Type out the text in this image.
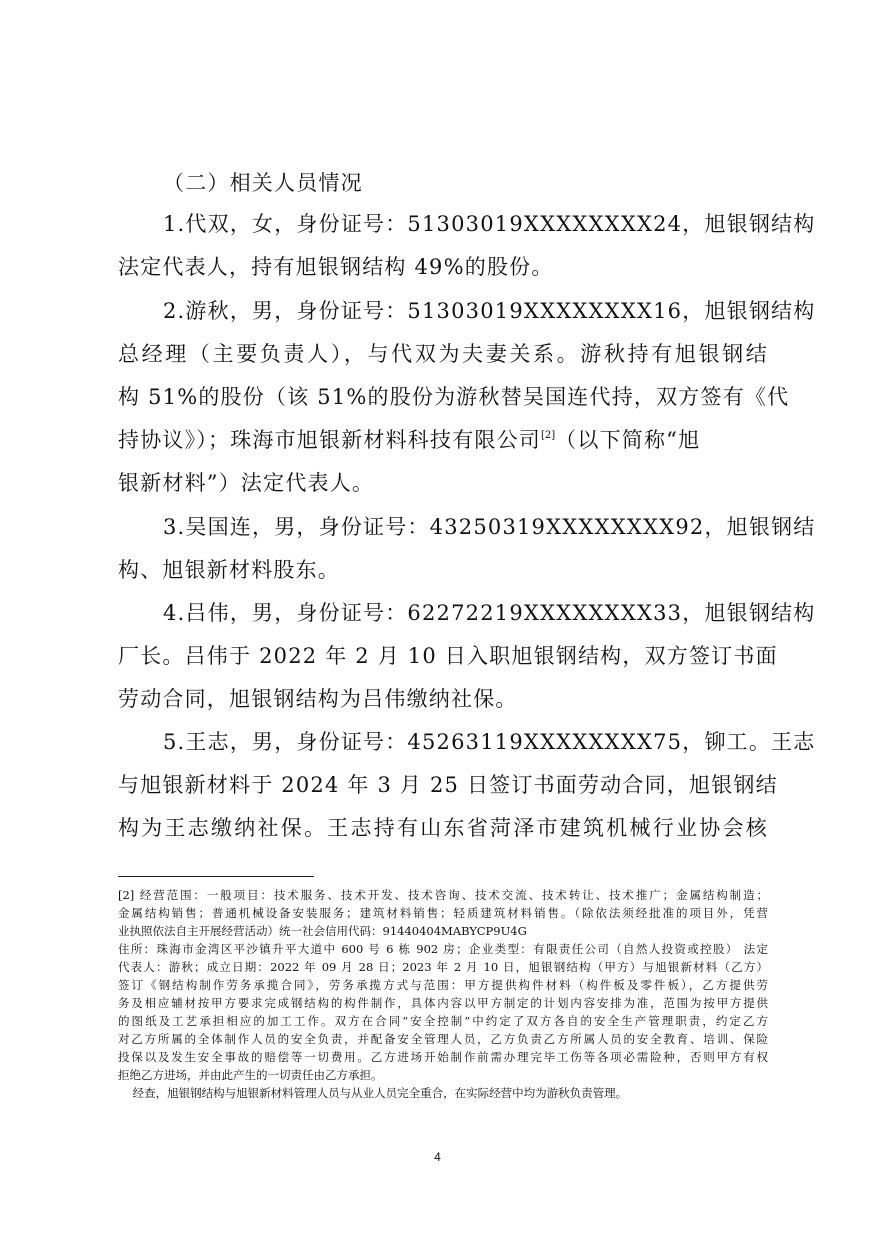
（二）相关人员情况
1.代双，女，身份证号：51303019XXXXXXXX24，旭银钢结构
法定代表人，持有旭银钢结构 49%的股份。
2.游秋，男，身份证号：51303019XXXXXXXX16，旭银钢结构
总经理（主要负责人），与代双为夫妻关系。游秋持有旭银钢结
构 51%的股份（该 51%的股份为游秋替吴国连代持，双方签有《代
持协议》）；珠海市旭银新材料科技有限公司[2]（以下简称“旭
银新材料”）法定代表人。
3.吴国连，男，身份证号：43250319XXXXXXXX92，旭银钢结
构、旭银新材料股东。
4.吕伟，男，身份证号：62272219XXXXXXXX33，旭银钢结构
厂长。吕伟于 2022 年 2 月 10 日入职旭银钢结构，双方签订书面
劳动合同，旭银钢结构为吕伟缴纳社保。
5.王志，男，身份证号：45263119XXXXXXXX75，铆工。王志
与旭银新材料于 2024 年 3 月 25 日签订书面劳动合同，旭银钢结
构为王志缴纳社保。王志持有山东省菏泽市建筑机械行业协会核
[2] 经营范围：一般项目：技术服务、技术开发、技术咨询、技术交流、技术转让、技术推广；金属结构制造；
金属结构销售；普通机械设备安装服务；建筑材料销售；轻质建筑材料销售。（除依法须经批准的项目外，凭营
业执照依法自主开展经营活动）统一社会信用代码：91440404MABYCP9U4G
住所：珠海市金湾区平沙镇升平大道中 600 号 6 栋 902 房；企业类型：有限责任公司（自然人投资或控股） 法定
代表人：游秋；成立日期：2022 年 09 月 28 日；2023 年 2 月 10 日，旭银钢结构（甲方）与旭银新材料（乙方）
签订《钢结构制作劳务承揽合同》，劳务承揽方式与范围：甲方提供构件材料（构件板及零件板），乙方提供劳
务及相应辅材按甲方要求完成钢结构的构件制作，具体内容以甲方制定的计划内容安排为准，范围为按甲方提供
的图纸及工艺承担相应的加工工作。双方在合同“安全控制”中约定了双方各自的安全生产管理职责，约定乙方
对乙方所属的全体制作人员的安全负责，并配备安全管理人员，乙方负责乙方所属人员的安全教育、培训、保险
投保以及发生安全事故的赔偿等一切费用。乙方进场开始制作前需办理完毕工伤等各项必需险种，否则甲方有权
拒绝乙方进场，并由此产生的一切责任由乙方承担。
经查，旭银钢结构与旭银新材料管理人员与从业人员完全重合，在实际经营中均为游秋负责管理。
4
